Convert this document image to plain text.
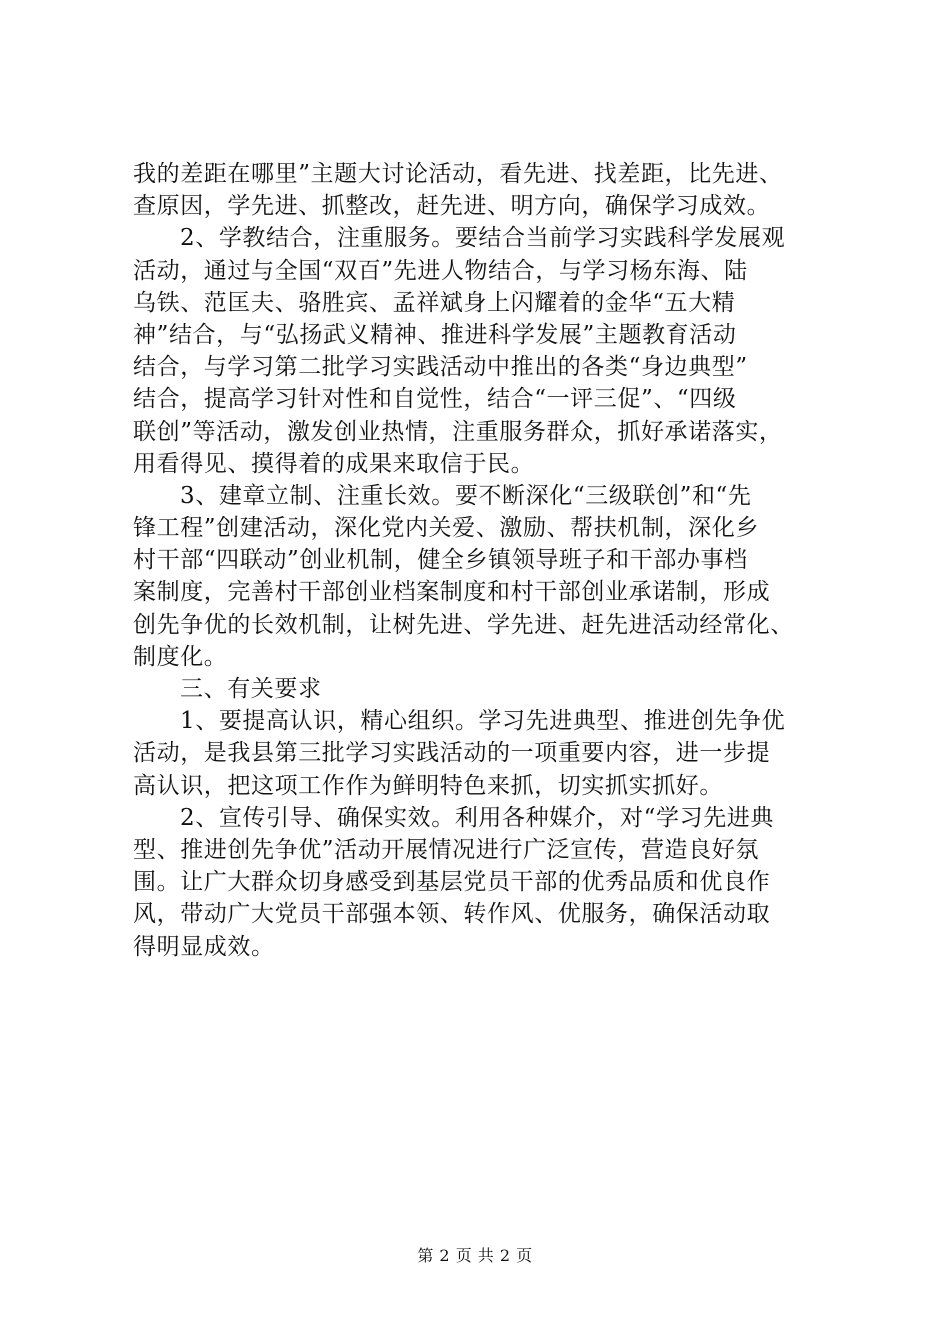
我的差距在哪里”主题大讨论活动，看先进、找差距，比先进、
查原因，学先进、抓整改，赶先进、明方向，确保学习成效。
2、学教结合，注重服务。要结合当前学习实践科学发展观
活动，通过与全国“双百”先进人物结合，与学习杨东海、陆
乌铁、范匡夫、骆胜宾、孟祥斌身上闪耀着的金华“五大精
神”结合，与“弘扬武义精神、推进科学发展”主题教育活动
结合，与学习第二批学习实践活动中推出的各类“身边典型”
结合，提高学习针对性和自觉性，结合“一评三促”、“四级
联创”等活动，激发创业热情，注重服务群众，抓好承诺落实，
用看得见、摸得着的成果来取信于民。
3、建章立制、注重长效。要不断深化“三级联创”和“先
锋工程”创建活动，深化党内关爱、激励、帮扶机制，深化乡
村干部“四联动”创业机制，健全乡镇领导班子和干部办事档
案制度，完善村干部创业档案制度和村干部创业承诺制，形成
创先争优的长效机制，让树先进、学先进、赶先进活动经常化、
制度化。
三、有关要求
1、要提高认识，精心组织。学习先进典型、推进创先争优
活动，是我县第三批学习实践活动的一项重要内容，进一步提
高认识，把这项工作作为鲜明特色来抓，切实抓实抓好。
2、宣传引导、确保实效。利用各种媒介，对“学习先进典
型、推进创先争优”活动开展情况进行广泛宣传，营造良好氛
围。让广大群众切身感受到基层党员干部的优秀品质和优良作
风，带动广大党员干部强本领、转作风、优服务，确保活动取
得明显成效。
第 2 页 共 2 页
